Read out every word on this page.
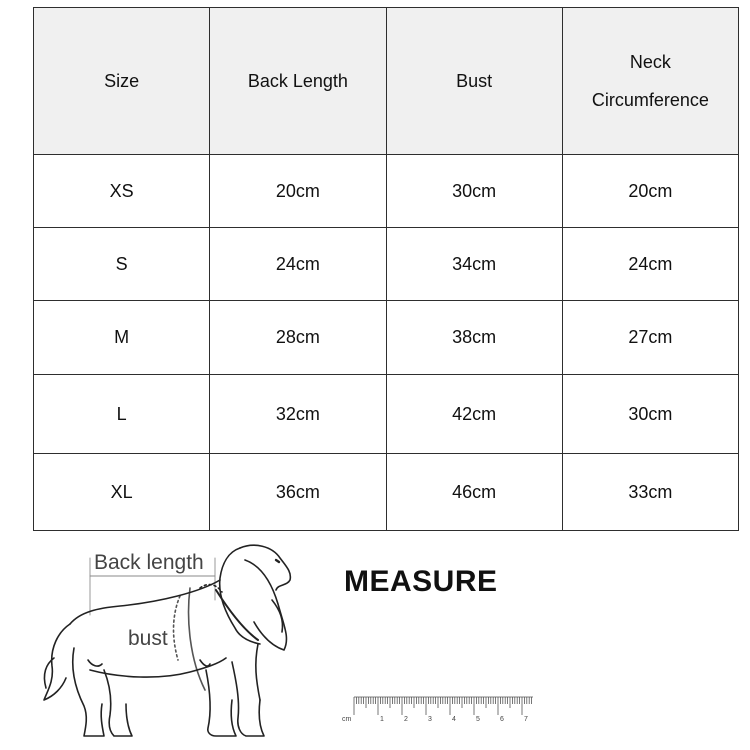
Size	Back Length	Bust	Neck
Circumference
XS	20cm	30cm	20cm
S	24cm	34cm	24cm
M	28cm	38cm	27cm
L	32cm	42cm	30cm
XL	36cm	46cm	33cm
Back length
bust
MEASURE
cm	1	2	3	4	5	6	7
